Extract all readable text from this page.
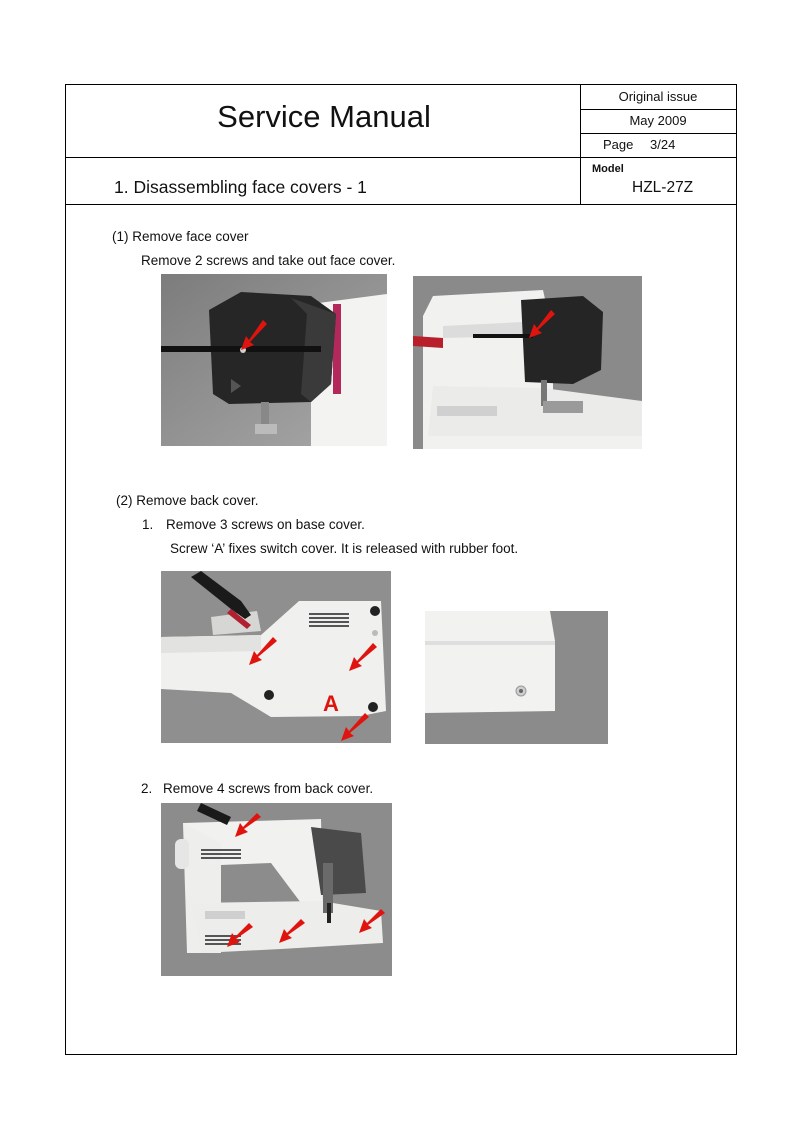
Service Manual
Original issue
May 2009
Page 3/24
Model
HZL-27Z
1. Disassembling face covers - 1
(1) Remove face cover
Remove 2 screws and take out face cover.
(2) Remove back cover.
1. Remove 3 screws on base cover.
Screw ‘A’ fixes switch cover. It is released with rubber foot.
A
2. Remove 4 screws from back cover.
